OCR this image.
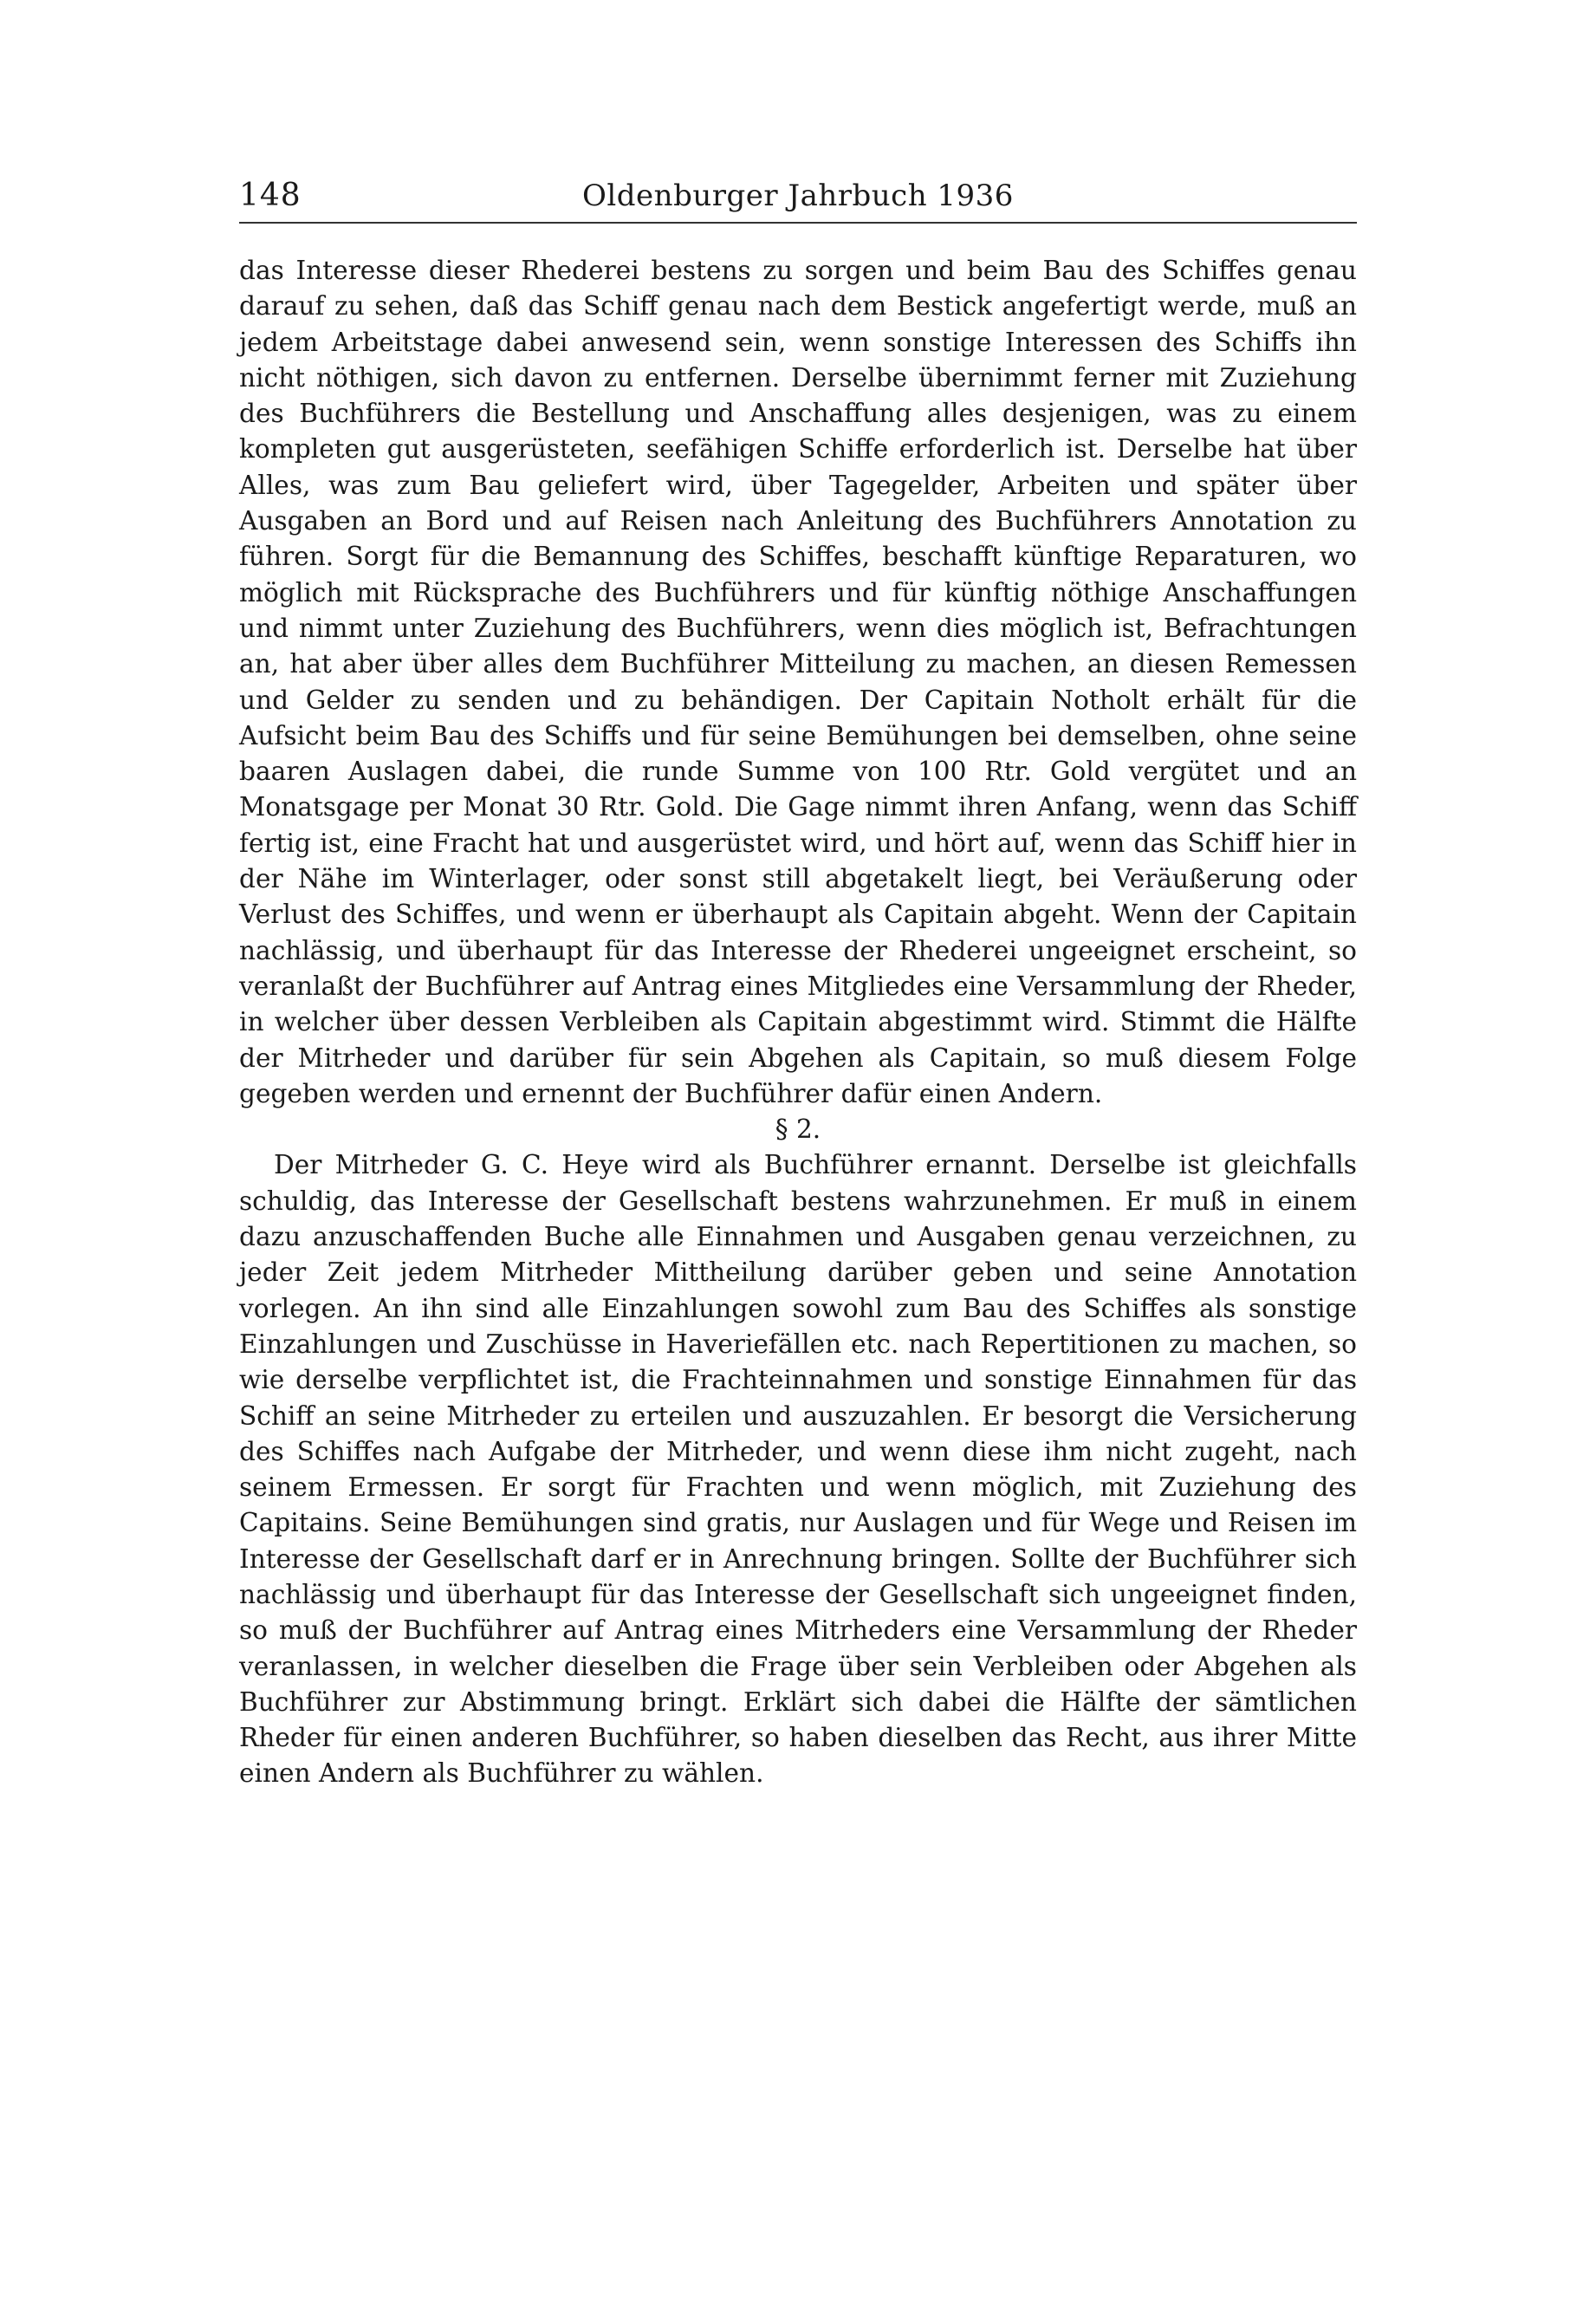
148	Oldenburger Jahrbuch 1936

das Interesse dieser Rhederei bestens zu sorgen und beim Bau des Schiffes genau darauf zu sehen, daß das Schiff genau nach dem Bestick angefertigt werde, muß an jedem Arbeitstage dabei anwesend sein, wenn sonstige Interessen des Schiffs ihn nicht nöthigen, sich davon zu entfernen. Derselbe übernimmt ferner mit Zuziehung des Buchführers die Bestellung und Anschaffung alles desjenigen, was zu einem kompleten gut ausgerüsteten, seefähigen Schiffe erforderlich ist. Derselbe hat über Alles, was zum Bau geliefert wird, über Tagegelder, Arbeiten und später über Ausgaben an Bord und auf Reisen nach Anleitung des Buchführers Annotation zu führen. Sorgt für die Bemannung des Schiffes, beschafft künftige Reparaturen, wo möglich mit Rücksprache des Buchführers und für künftig nöthige Anschaffungen und nimmt unter Zuziehung des Buchführers, wenn dies möglich ist, Befrachtungen an, hat aber über alles dem Buchführer Mitteilung zu machen, an diesen Remessen und Gelder zu senden und zu behändigen. Der Capitain Notholt erhält für die Aufsicht beim Bau des Schiffs und für seine Bemühungen bei demselben, ohne seine baaren Auslagen dabei, die runde Summe von 100 Rtr. Gold vergütet und an Monatsgage per Monat 30 Rtr. Gold. Die Gage nimmt ihren Anfang, wenn das Schiff fertig ist, eine Fracht hat und ausgerüstet wird, und hört auf, wenn das Schiff hier in der Nähe im Winterlager, oder sonst still abgetakelt liegt, bei Veräußerung oder Verlust des Schiffes, und wenn er überhaupt als Capitain abgeht. Wenn der Capitain nachlässig, und überhaupt für das Interesse der Rhederei ungeeignet erscheint, so veranlaßt der Buchführer auf Antrag eines Mitgliedes eine Versammlung der Rheder, in welcher über dessen Verbleiben als Capitain abgestimmt wird. Stimmt die Hälfte der Mitrheder und darüber für sein Abgehen als Capitain, so muß diesem Folge gegeben werden und ernennt der Buchführer dafür einen Andern.

§ 2.

Der Mitrheder G. C. Heye wird als Buchführer ernannt. Derselbe ist gleichfalls schuldig, das Interesse der Gesellschaft bestens wahrzunehmen. Er muß in einem dazu anzuschaffenden Buche alle Einnahmen und Ausgaben genau verzeichnen, zu jeder Zeit jedem Mitrheder Mittheilung darüber geben und seine Annotation vorlegen. An ihn sind alle Einzahlungen sowohl zum Bau des Schiffes als sonstige Einzahlungen und Zuschüsse in Haveriefällen etc. nach Repertitionen zu machen, so wie derselbe verpflichtet ist, die Frachteinnahmen und sonstige Einnahmen für das Schiff an seine Mitrheder zu erteilen und auszuzahlen. Er besorgt die Versicherung des Schiffes nach Aufgabe der Mitrheder, und wenn diese ihm nicht zugeht, nach seinem Ermessen. Er sorgt für Frachten und wenn möglich, mit Zuziehung des Capitains. Seine Bemühungen sind gratis, nur Auslagen und für Wege und Reisen im Interesse der Gesellschaft darf er in Anrechnung bringen. Sollte der Buchführer sich nachlässig und überhaupt für das Interesse der Gesellschaft sich ungeeignet finden, so muß der Buchführer auf Antrag eines Mitrheders eine Versammlung der Rheder veranlassen, in welcher dieselben die Frage über sein Verbleiben oder Abgehen als Buchführer zur Abstimmung bringt. Erklärt sich dabei die Hälfte der sämtlichen Rheder für einen anderen Buchführer, so haben dieselben das Recht, aus ihrer Mitte einen Andern als Buchführer zu wählen.
